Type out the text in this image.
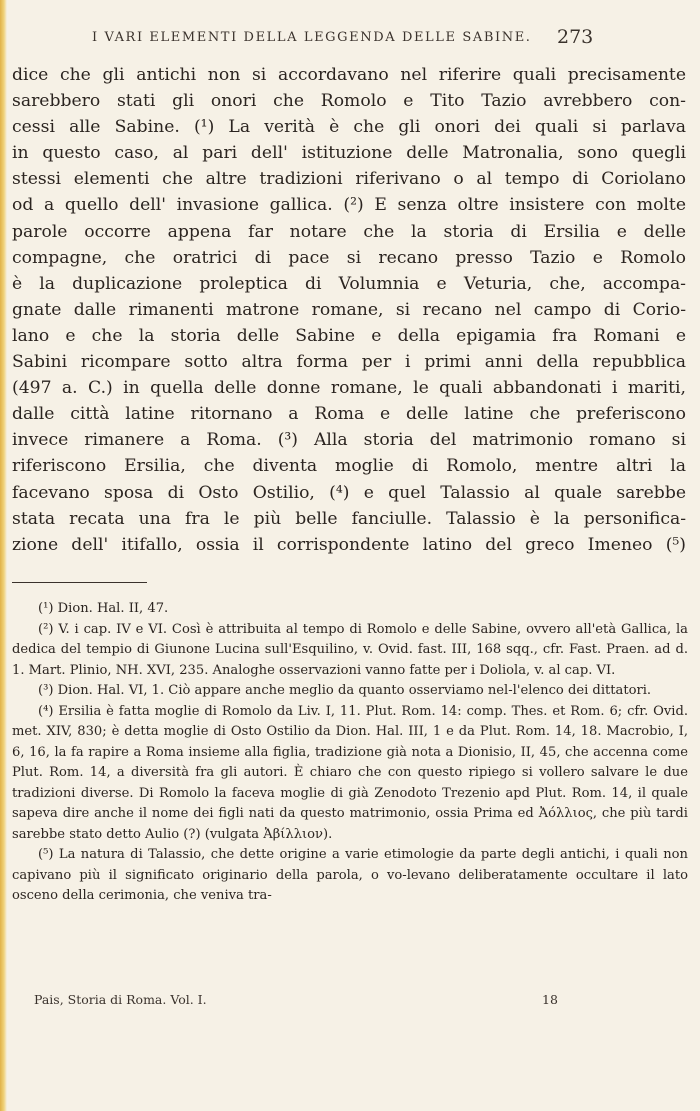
I VARI ELEMENTI DELLA LEGGENDA DELLE SABINE. 273
dice che gli antichi non si accordavano nel riferire quali precisamente
sarebbero stati gli onori che Romolo e Tito Tazio avrebbero con-
cessi alle Sabine. (¹) La verità è che gli onori dei quali si parlava
in questo caso, al pari dell' istituzione delle Matronalia, sono quegli
stessi elementi che altre tradizioni riferivano o al tempo di Coriolano
od a quello dell' invasione gallica. (²) E senza oltre insistere con molte
parole occorre appena far notare che la storia di Ersilia e delle
compagne, che oratrici di pace si recano presso Tazio e Romolo
è la duplicazione proleptica di Volumnia e Veturia, che, accompa-
gnate dalle rimanenti matrone romane, si recano nel campo di Corio-
lano e che la storia delle Sabine e della epigamia fra Romani e
Sabini ricompare sotto altra forma per i primi anni della repubblica
(497 a. C.) in quella delle donne romane, le quali abbandonati i mariti,
dalle città latine ritornano a Roma e delle latine che preferiscono
invece rimanere a Roma. (³) Alla storia del matrimonio romano si
riferiscono Ersilia, che diventa moglie di Romolo, mentre altri la
facevano sposa di Osto Ostilio, (⁴) e quel Talassio al quale sarebbe
stata recata una fra le più belle fanciulle. Talassio è la personifica-
zione dell' itifallo, ossia il corrispondente latino del greco Imeneo (⁵)
(¹) Dion. Hal. II, 47.
(²) V. i cap. IV e VI. Così è attribuita al tempo di Romolo e delle Sabine, ovvero all'età Gallica, la dedica del tempio di Giunone Lucina sull'Esquilino, v. Ovid. fast. III, 168 sqq., cfr. Fast. Praen. ad d. 1. Mart. Plinio, NH. XVI, 235. Analoghe osservazioni vanno fatte per i Doliola, v. al cap. VI.
(³) Dion. Hal. VI, 1. Ciò appare anche meglio da quanto osserviamo nel-l'elenco dei dittatori.
(⁴) Ersilia è fatta moglie di Romolo da Liv. I, 11. Plut. Rom. 14: comp. Thes. et Rom. 6; cfr. Ovid. met. XIV, 830; è detta moglie di Osto Ostilio da Dion. Hal. III, 1 e da Plut. Rom. 14, 18. Macrobio, I, 6, 16, la fa rapire a Roma insieme alla figlia, tradizione già nota a Dionisio, II, 45, che accenna come Plut. Rom. 14, a diversità fra gli autori. È chiaro che con questo ripiego si vollero salvare le due tradizioni diverse. Di Romolo la faceva moglie di già Zenodoto Trezenio apd Plut. Rom. 14, il quale sapeva dire anche il nome dei figli nati da questo matrimonio, ossia Prima ed Ἀόλλιος, che più tardi sarebbe stato detto Aulio (?) (vulgata Ἀβίλλιον).
(⁵) La natura di Talassio, che dette origine a varie etimologie da parte degli antichi, i quali non capivano più il significato originario della parola, o vo-levano deliberatamente occultare il lato osceno della cerimonia, che veniva tra-
Pais, Storia di Roma. Vol. I.	18
